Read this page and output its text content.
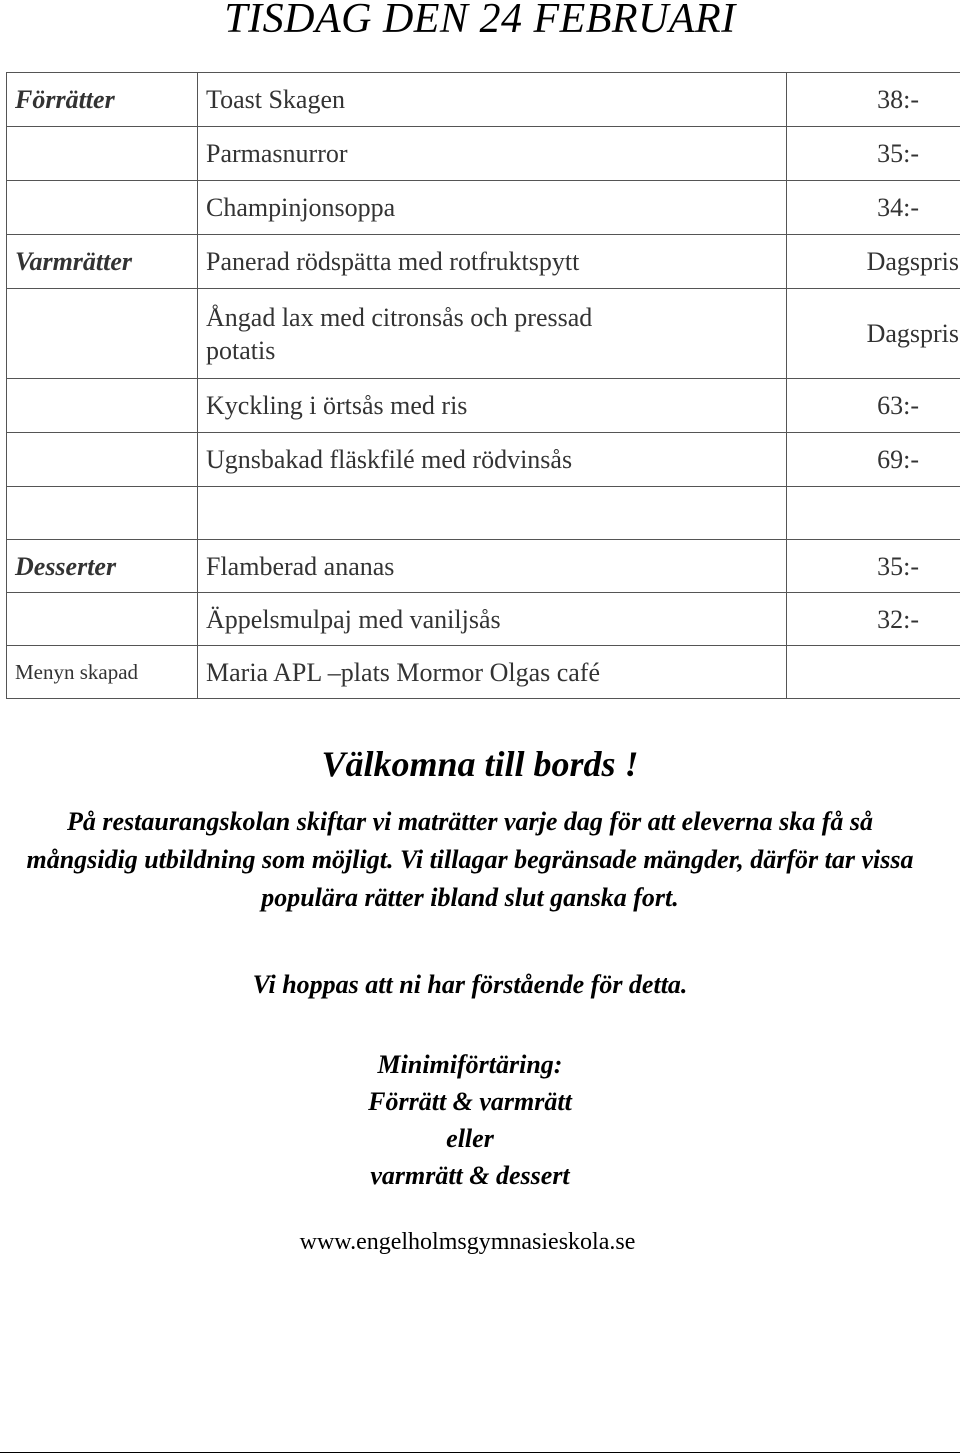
TISDAG DEN 24 FEBRUARI
Förrätter	Toast Skagen	38:-
	Parmasnurror	35:-
	Champinjonsoppa	34:-
Varmrätter	Panerad rödspätta med rotfruktspytt	Dagspris
	Ångad lax med citronsås och pressad potatis	Dagspris
	Kyckling i örtsås med ris	63:-
	Ugnsbakad fläskfilé med rödvinsås	69:-

Desserter	Flamberad ananas	35:-
	Äppelsmulpaj med vaniljsås	32:-
Menyn skapad	Maria APL –plats Mormor Olgas café	
Välkomna till bords !
På restaurangskolan skiftar vi maträtter varje dag för att eleverna ska få så mångsidig utbildning som möjligt. Vi tillagar begränsade mängder, därför tar vissa populära rätter ibland slut ganska fort.
Vi hoppas att ni har förstående för detta.
Minimiförtäring:
Förrätt & varmrätt
eller
varmrätt & dessert
www.engelholmsgymnasieskola.se
